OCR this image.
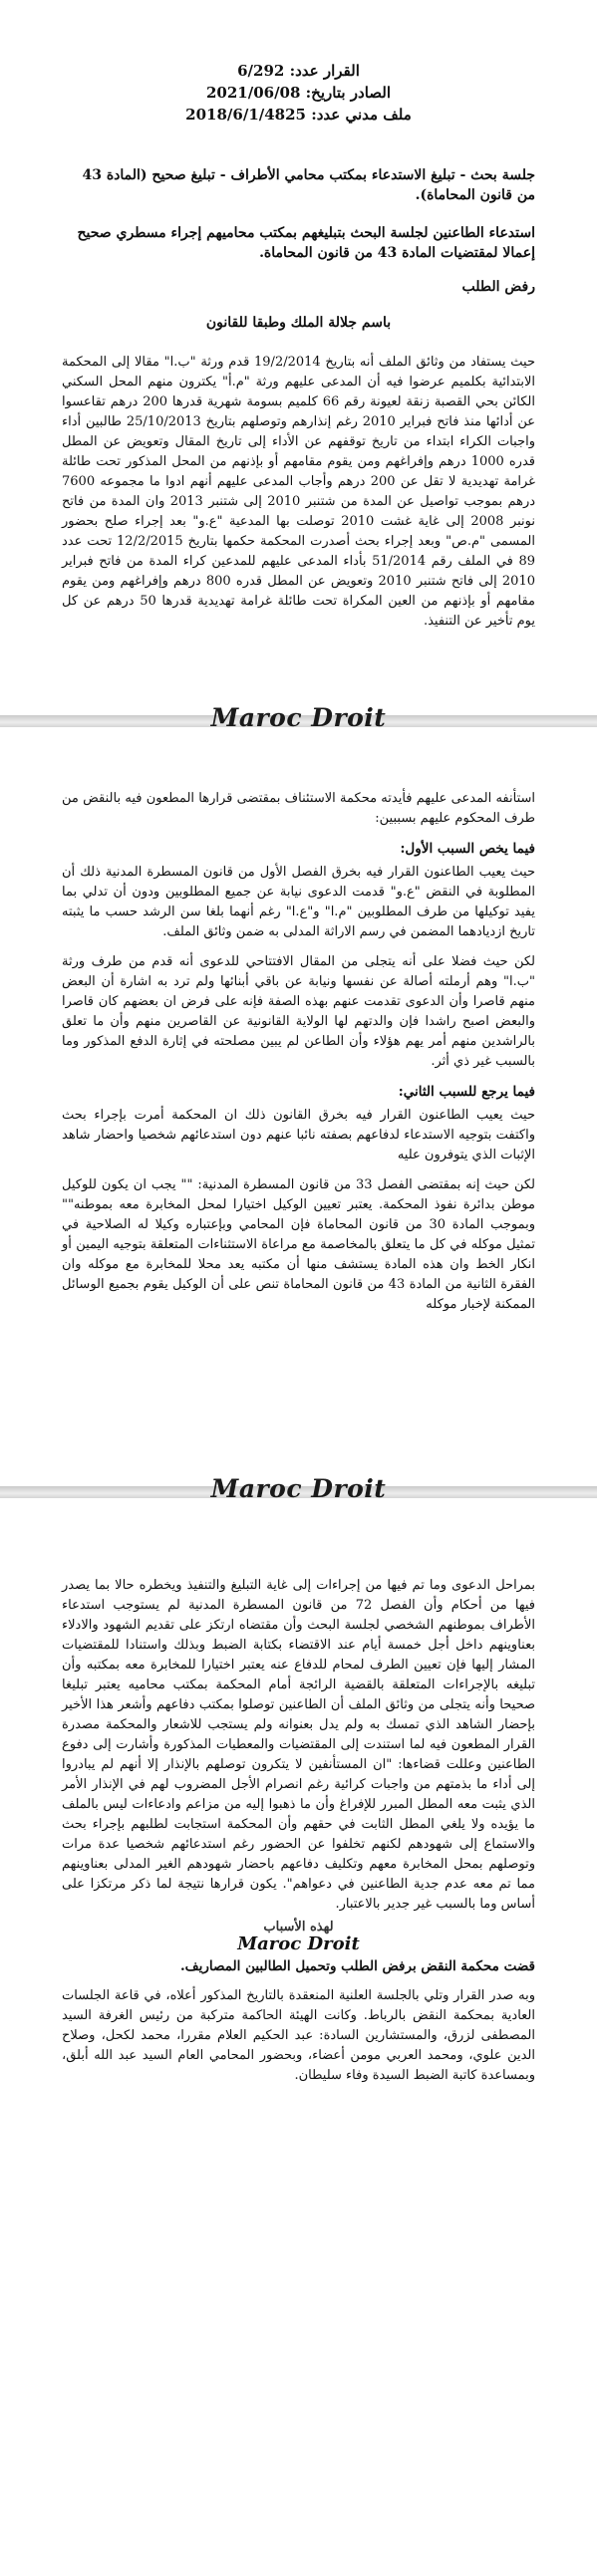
القرار عدد: 6/292
الصادر بتاريخ: 2021/06/08
ملف مدني عدد: 2018/6/1/4825

جلسة بحث - تبليغ الاستدعاء بمكتب محامي الأطراف - تبليغ صحيح (المادة 43 من قانون المحاماة).

استدعاء الطاعنين لجلسة البحث بتبليغهم بمكتب محاميهم إجراء مسطري صحيح إعمالا لمقتضيات المادة 43 من قانون المحاماة.

رفض الطلب

باسم جلالة الملك وطبقا للقانون

حيث يستفاد من وثائق الملف أنه بتاريخ 19/2/2014 قدم ورثة "ب.ا" مقالا إلى المحكمة الابتدائية بكلميم عرضوا فيه أن المدعى عليهم ورثة "م.أ" يكترون منهم المحل السكني الكائن بحي القصبة زنقة لعيونة رقم 66 كلميم بسومة شهرية قدرها 200 درهم تقاعسوا عن أدائها منذ فاتح فبراير 2010 رغم إنذارهم وتوصلهم بتاريخ 25/10/2013 طالبين أداء واجبات الكراء ابتداء من تاريخ توقفهم عن الأداء إلى تاريخ المقال وتعويض عن المطل قدره 1000 درهم وإفراغهم ومن يقوم مقامهم أو بإذنهم من المحل المذكور تحت طائلة غرامة تهديدية لا تقل عن 200 درهم وأجاب المدعى عليهم أنهم ادوا ما مجموعه 7600 درهم بموجب تواصيل عن المدة من شتنبر 2010 إلى شتنبر 2013 وان المدة من فاتح نونبر 2008 إلى غاية غشت 2010 توصلت بها المدعية "ع.و" بعد إجراء صلح بحضور المسمى "م.ص" وبعد إجراء بحث أصدرت المحكمة حكمها بتاريخ 12/2/2015 تحت عدد 89 في الملف رقم 51/2014 بأداء المدعى عليهم للمدعين كراء المدة من فاتح فبراير 2010 إلى فاتح شتنبر 2010 وتعويض عن المطل قدره 800 درهم وإفراغهم ومن يقوم مقامهم أو بإذنهم من العين المكراة تحت طائلة غرامة تهديدية قدرها 50 درهم عن كل يوم تأخير عن التنفيذ.

Maroc Droit

استأنفه المدعى عليهم فأيدته محكمة الاستئناف بمقتضى قرارها المطعون فيه بالنقض من طرف المحكوم عليهم بسببين:

فيما يخص السبب الأول:

حيث يعيب الطاعنون القرار فيه بخرق الفصل الأول من قانون المسطرة المدنية ذلك أن المطلوبة في النقض "ع.و" قدمت الدعوى نيابة عن جميع المطلوبين ودون أن تدلي بما يفيد توكيلها من طرف المطلوبين "م.ا" و"ع.ا" رغم أنهما بلغا سن الرشد حسب ما يثبته تاريخ ازديادهما المضمن في رسم الاراثة المدلى به ضمن وثائق الملف.

لكن حيث فضلا على أنه يتجلى من المقال الافتتاحي للدعوى أنه قدم من طرف ورثة "ب.ا" وهم أرملته أصالة عن نفسها ونيابة عن باقي أبنائها ولم ترد به اشارة أن البعض منهم قاصرا وأن الدعوى تقدمت عنهم بهذه الصفة فإنه على فرض ان بعضهم كان قاصرا والبعض اصبح راشدا فإن والدتهم لها الولاية القانونية عن القاصرين منهم وأن ما تعلق بالراشدين منهم أمر يهم هؤلاء وأن الطاعن لم يبين مصلحته في إثارة الدفع المذكور وما بالسبب غير ذي أثر.

فيما يرجع للسبب الثاني:

حيث يعيب الطاعنون القرار فيه بخرق القانون ذلك ان المحكمة أمرت بإجراء بحث واكتفت بتوجيه الاستدعاء لدفاعهم بصفته نائبا عنهم دون استدعائهم شخصيا واحضار شاهد الإثبات الذي يتوفرون عليه

لكن حيث إنه بمقتضى الفصل 33 من قانون المسطرة المدنية: "" يجب ان يكون للوكيل موطن بدائرة نفوذ المحكمة. يعتبر تعيين الوكيل اختيارا لمحل المخابرة معه بموطنه"" وبموجب المادة 30 من قانون المحاماة فإن المحامي وبإعتباره وكيلا له الصلاحية في تمثيل موكله في كل ما يتعلق بالمخاصمة مع مراعاة الاستثناءات المتعلقة بتوجيه اليمين أو انكار الخط وان هذه المادة يستشف منها أن مكتبه يعد محلا للمخابرة مع موكله وان الفقرة الثانية من المادة 43 من قانون المحاماة تنص على أن الوكيل يقوم بجميع الوسائل الممكنة لإخبار موكله

Maroc Droit

بمراحل الدعوى وما تم فيها من إجراءات إلى غاية التبليغ والتنفيذ ويخطره حالا بما يصدر فيها من أحكام وأن الفصل 72 من قانون المسطرة المدنية لم يستوجب استدعاء الأطراف بموطنهم الشخصي لجلسة البحث وأن مقتضاه ارتكز على تقديم الشهود والادلاء بعناوينهم داخل أجل خمسة أيام عند الاقتضاء بكتابة الضبط وبذلك واستنادا للمقتضيات المشار إليها فإن تعيين الطرف لمحام للدفاع عنه يعتبر اختيارا للمخابرة معه بمكتبه وأن تبليغه بالإجراءات المتعلقة بالقضية الرائجة أمام المحكمة بمكتب محاميه يعتبر تبليغا صحيحا وأنه يتجلى من وثائق الملف أن الطاعنين توصلوا بمكتب دفاعهم وأشعر هذا الأخير بإحضار الشاهد الذي تمسك به ولم يدل بعنوانه ولم يستجب للاشعار والمحكمة مصدرة القرار المطعون فيه لما استندت إلى المقتضيات والمعطيات المذكورة وأشارت إلى دفوع الطاعنين وعللت قضاءها: "ان المستأنفين لا يتكرون توصلهم بالإنذار إلا أنهم لم يبادروا إلى أداء ما بذمتهم من واجبات كرائية رغم انصرام الأجل المضروب لهم في الإنذار الأمر الذي يثبت معه المطل المبرر للإفراغ وأن ما ذهبوا إليه من مزاعم وادعاءات ليس بالملف ما يؤيده ولا يلغي المطل الثابت في حقهم وأن المحكمة استجابت لطلبهم بإجراء بحث والاستماع إلى شهودهم لكنهم تخلفوا عن الحضور رغم استدعائهم شخصيا عدة مرات وتوصلهم بمحل المخابرة معهم وتكليف دفاعهم باحضار شهودهم الغير المدلى بعناوينهم مما تم معه عدم جدية الطاعنين في دعواهم". يكون قرارها نتيجة لما ذكر مرتكزا على أساس وما بالسبب غير جدير بالاعتبار.

لهذه الأسباب

Maroc Droit

قضت محكمة النقض برفض الطلب وتحميل الطالبين المصاريف.

وبه صدر القرار وتلي بالجلسة العلنية المنعقدة بالتاريخ المذكور أعلاه، في قاعة الجلسات العادية بمحكمة النقض بالرباط. وكانت الهيئة الحاكمة متركبة من رئيس الغرفة السيد المصطفى لزرق، والمستشارين السادة: عبد الحكيم العلام مقررا، محمد لكحل، وصلاح الدين علوي، ومحمد العربي مومن أعضاء، وبحضور المحامي العام السيد عبد الله أبلق، وبمساعدة كاتبة الضبط السيدة وفاء سليطان.
